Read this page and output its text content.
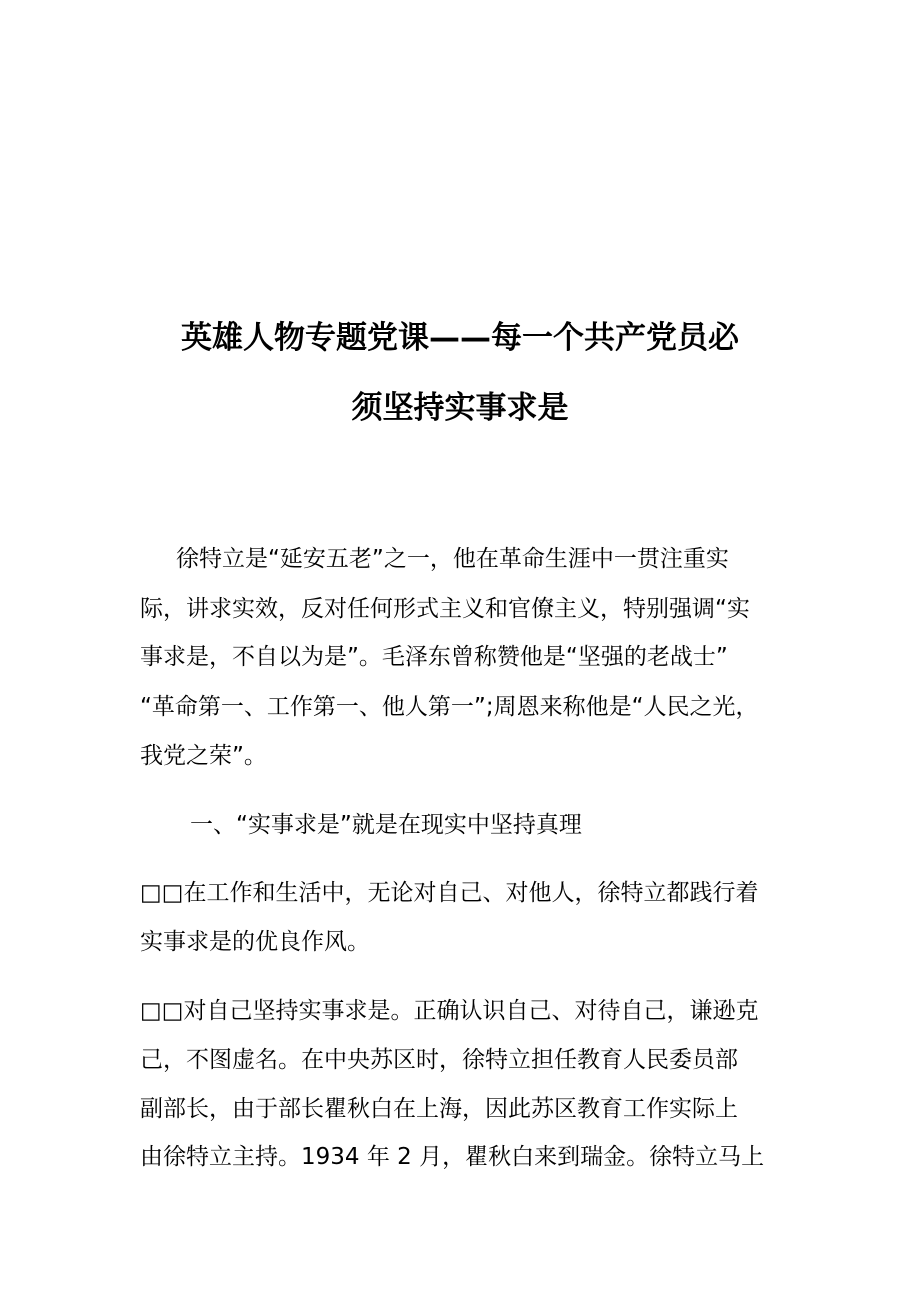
英雄人物专题党课——每一个共产党员必
须坚持实事求是
徐特立是“延安五老”之一，他在革命生涯中一贯注重实
际，讲求实效，反对任何形式主义和官僚主义，特别强调“实
事求是，不自以为是”。毛泽东曾称赞他是“坚强的老战士”
“革命第一、工作第一、他人第一”;周恩来称他是“人民之光，
我党之荣”。
一、“实事求是”就是在现实中坚持真理
□□在工作和生活中，无论对自己、对他人，徐特立都践行着
实事求是的优良作风。
□□对自己坚持实事求是。正确认识自己、对待自己，谦逊克
己，不图虚名。在中央苏区时，徐特立担任教育人民委员部
副部长，由于部长瞿秋白在上海，因此苏区教育工作实际上
由徐特立主持。1934 年 2 月，瞿秋白来到瑞金。徐特立马上
